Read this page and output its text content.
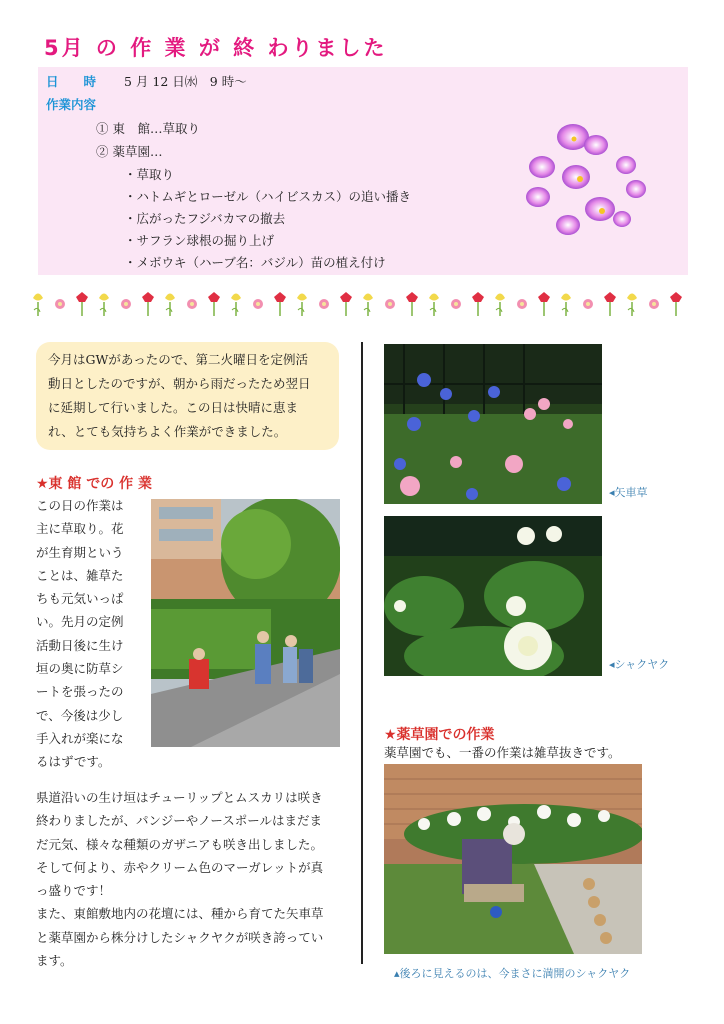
5月 の 作 業 が 終 わりました
日　　時 5 月 12 日㈬　9 時～
作業内容
① 東　館…草取り
② 薬草園…
・草取り
・ハトムギとローゼル（ハイビスカス）の追い播き
・広がったフジバカマの撤去
・サフラン球根の掘り上げ
・メボウキ（ハーブ名：バジル）苗の植え付け
今月はGWがあったので、第二火曜日を定例活
動日としたのですが、朝から雨だったため翌日
に延期して行いました。この日は快晴に恵ま
れ、とても気持ちよく作業ができました。
★東 館 での 作 業
この日の作業は
主に草取り。花
が生育期という
ことは、雑草た
ちも元気いっぱ
い。先月の定例
活動日後に生け
垣の奥に防草シ
ートを張ったの
で、今後は少し
手入れが楽にな
るはずです。
県道沿いの生け垣はチューリップとムスカリは咲き
終わりましたが、パンジーやノースポールはまだま
だ元気、様々な種類のガザニアも咲き出しました。
そして何より、赤やクリーム色のマーガレットが真
っ盛りです！
また、東館敷地内の花壇には、種から育てた矢車草
と薬草園から株分けしたシャクヤクが咲き誇ってい
ます。
◂矢車草
◂シャクヤク
★薬草園での作業
薬草園でも、一番の作業は雑草抜きです。
▴後ろに見えるのは、今まさに満開のシャクヤク
